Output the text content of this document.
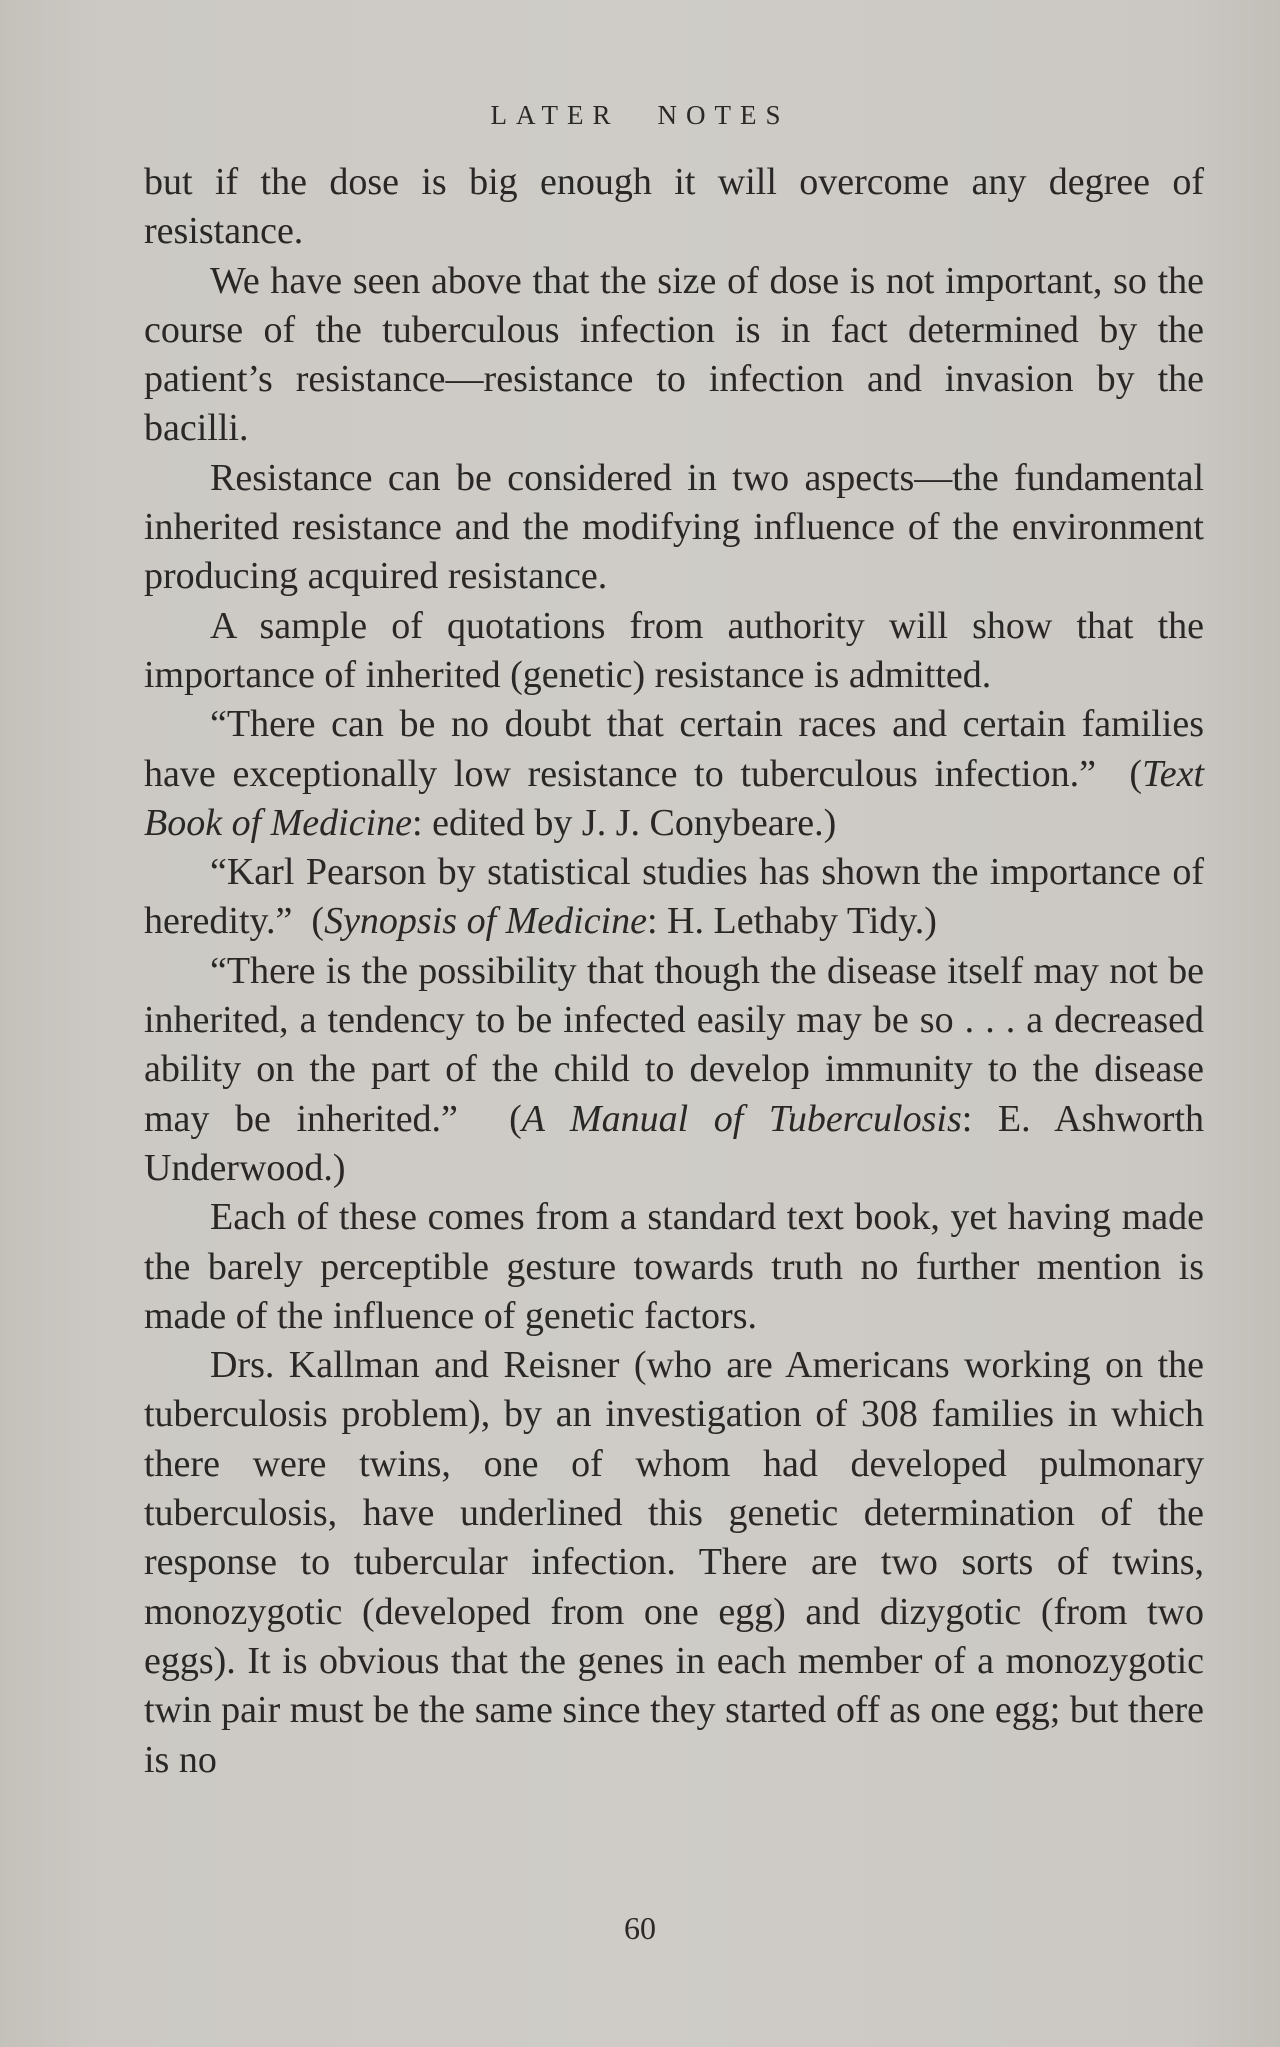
LATER NOTES

but if the dose is big enough it will overcome any degree of resistance.

We have seen above that the size of dose is not important, so the course of the tuberculous infection is in fact determined by the patient’s resistance—resistance to infection and invasion by the bacilli.

Resistance can be considered in two aspects—the fundamental inherited resistance and the modifying influence of the environment producing acquired resistance.

A sample of quotations from authority will show that the importance of inherited (genetic) resistance is admitted.

“There can be no doubt that certain races and certain families have exceptionally low resistance to tuberculous infection.” (Text Book of Medicine: edited by J. J. Conybeare.)

“Karl Pearson by statistical studies has shown the importance of heredity.” (Synopsis of Medicine: H. Lethaby Tidy.)

“There is the possibility that though the disease itself may not be inherited, a tendency to be infected easily may be so . . . a decreased ability on the part of the child to develop immunity to the disease may be inherited.” (A Manual of Tuberculosis: E. Ashworth Underwood.)

Each of these comes from a standard text book, yet having made the barely perceptible gesture towards truth no further mention is made of the influence of genetic factors.

Drs. Kallman and Reisner (who are Americans working on the tuberculosis problem), by an investigation of 308 families in which there were twins, one of whom had developed pulmonary tuberculosis, have underlined this genetic determination of the response to tubercular infection. There are two sorts of twins, monozygotic (developed from one egg) and dizygotic (from two eggs). It is obvious that the genes in each member of a monozygotic twin pair must be the same since they started off as one egg; but there is no

60
